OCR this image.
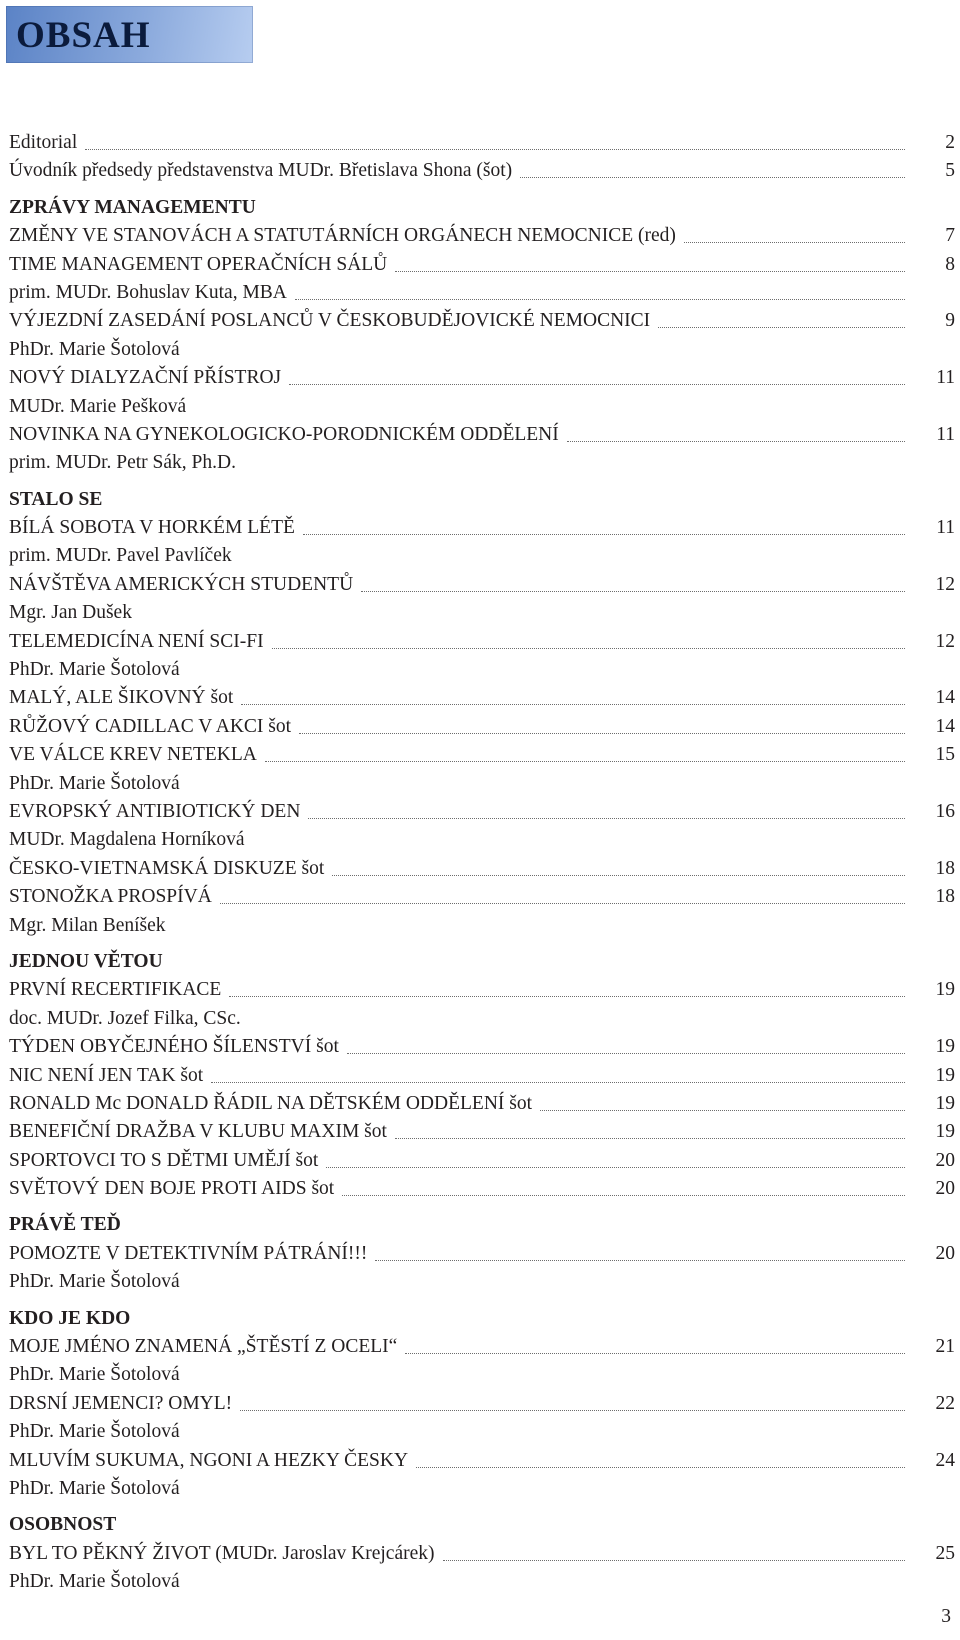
OBSAH
Editorial	2
Úvodník předsedy představenstva MUDr. Břetislava Shona (šot)	5
ZPRÁVY MANAGEMENTU
ZMĚNY VE STANOVÁCH A STATUTÁRNÍCH ORGÁNECH NEMOCNICE (red)	7
TIME MANAGEMENT OPERAČNÍCH SÁLŮ	8
prim. MUDr. Bohuslav Kuta, MBA
VÝJEZDNÍ ZASEDÁNÍ POSLANCŮ V ČESKOBUDĚJOVICKÉ NEMOCNICI	9
PhDr. Marie Šotolová
NOVÝ DIALYZAČNÍ PŘÍSTROJ	11
MUDr. Marie Pešková
NOVINKA NA GYNEKOLOGICKO-PORODNICKÉM ODDĚLENÍ	11
prim. MUDr. Petr Sák, Ph.D.
STALO SE
BÍLÁ SOBOTA V HORKÉM LÉTĚ	11
prim. MUDr. Pavel Pavlíček
NÁVŠTĚVA AMERICKÝCH STUDENTŮ	12
Mgr. Jan Dušek
TELEMEDICÍNA NENÍ SCI-FI	12
PhDr. Marie Šotolová
MALÝ, ALE ŠIKOVNÝ šot	14
RŮŽOVÝ CADILLAC V AKCI šot	14
VE VÁLCE KREV NETEKLA	15
PhDr. Marie Šotolová
EVROPSKÝ ANTIBIOTICKÝ DEN	16
MUDr. Magdalena Horníková
ČESKO-VIETNAMSKÁ DISKUZE šot	18
STONOŽKA PROSPÍVÁ	18
Mgr. Milan Beníšek
JEDNOU VĚTOU
PRVNÍ RECERTIFIKACE	19
doc. MUDr. Jozef Filka, CSc.
TÝDEN OBYČEJNÉHO ŠÍLENSTVÍ šot	19
NIC NENÍ JEN TAK šot	19
RONALD Mc DONALD ŘÁDIL NA DĚTSKÉM ODDĚLENÍ šot	19
BENEFIČNÍ DRAŽBA V KLUBU MAXIM šot	19
SPORTOVCI TO S DĚTMI UMĚJÍ šot	20
SVĚTOVÝ DEN BOJE PROTI AIDS šot	20
PRÁVĚ TEĎ
POMOZTE V DETEKTIVNÍM PÁTRÁNÍ!!!	20
PhDr. Marie Šotolová
KDO JE KDO
MOJE JMÉNO ZNAMENÁ „ŠTĚSTÍ Z OCELI“	21
PhDr. Marie Šotolová
DRSNÍ JEMENCI? OMYL!	22
PhDr. Marie Šotolová
MLUVÍM SUKUMA, NGONI A HEZKY ČESKY	24
PhDr. Marie Šotolová
OSOBNOST
BYL TO PĚKNÝ ŽIVOT (MUDr. Jaroslav Krejcárek)	25
PhDr. Marie Šotolová
3
